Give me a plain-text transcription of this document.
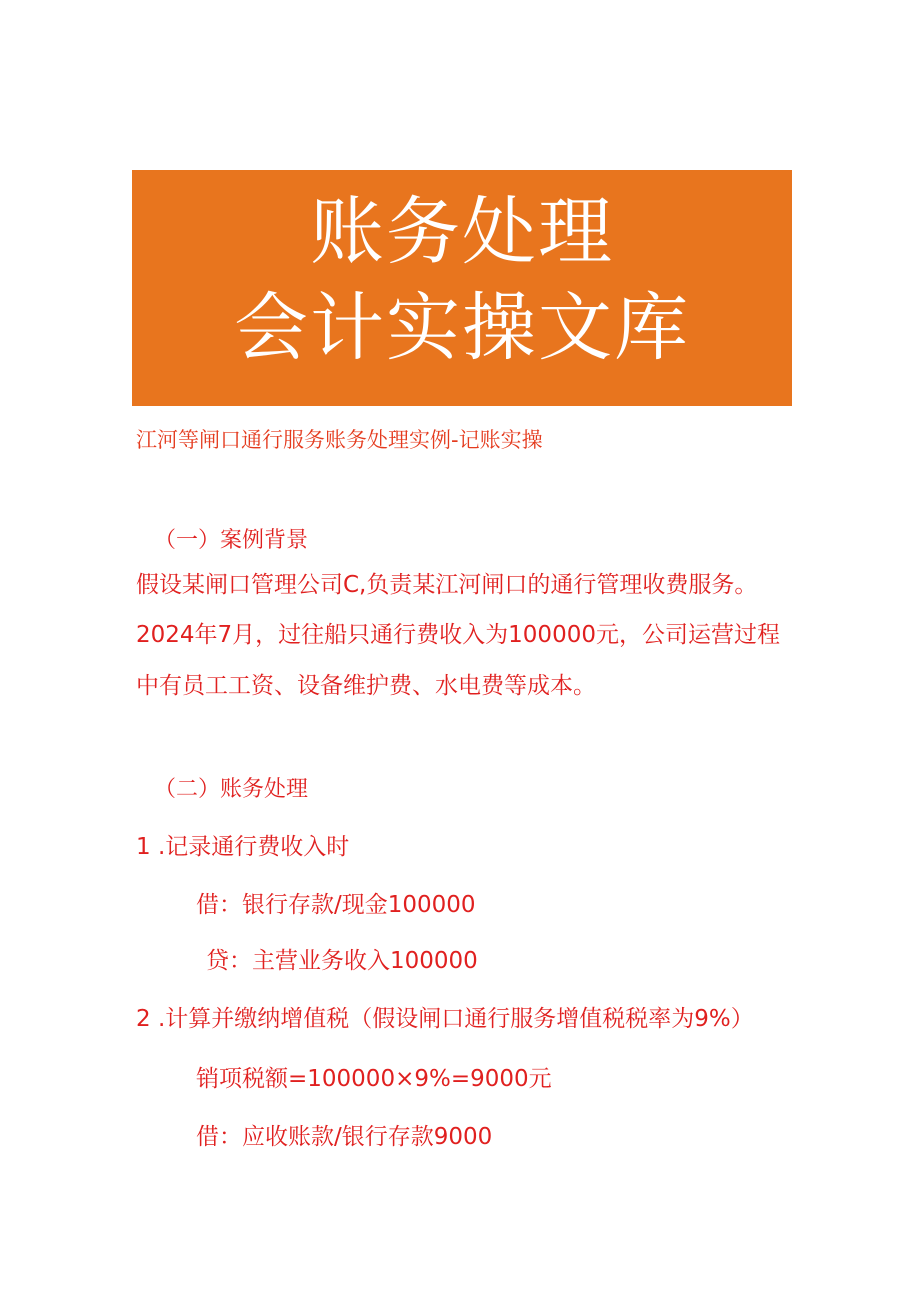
账务处理
会计实操文库
江河等闸口通行服务账务处理实例-记账实操
（一）案例背景
假设某闸口管理公司C,负责某江河闸口的通行管理收费服务。
2024年7月，过往船只通行费收入为100000元，公司运营过程
中有员工工资、设备维护费、水电费等成本。
（二）账务处理
1 .记录通行费收入时
借：银行存款/现金100000
贷：主营业务收入100000
2 .计算并缴纳增值税（假设闸口通行服务增值税税率为9%）
销项税额=100000×9%=9000元
借：应收账款/银行存款9000
